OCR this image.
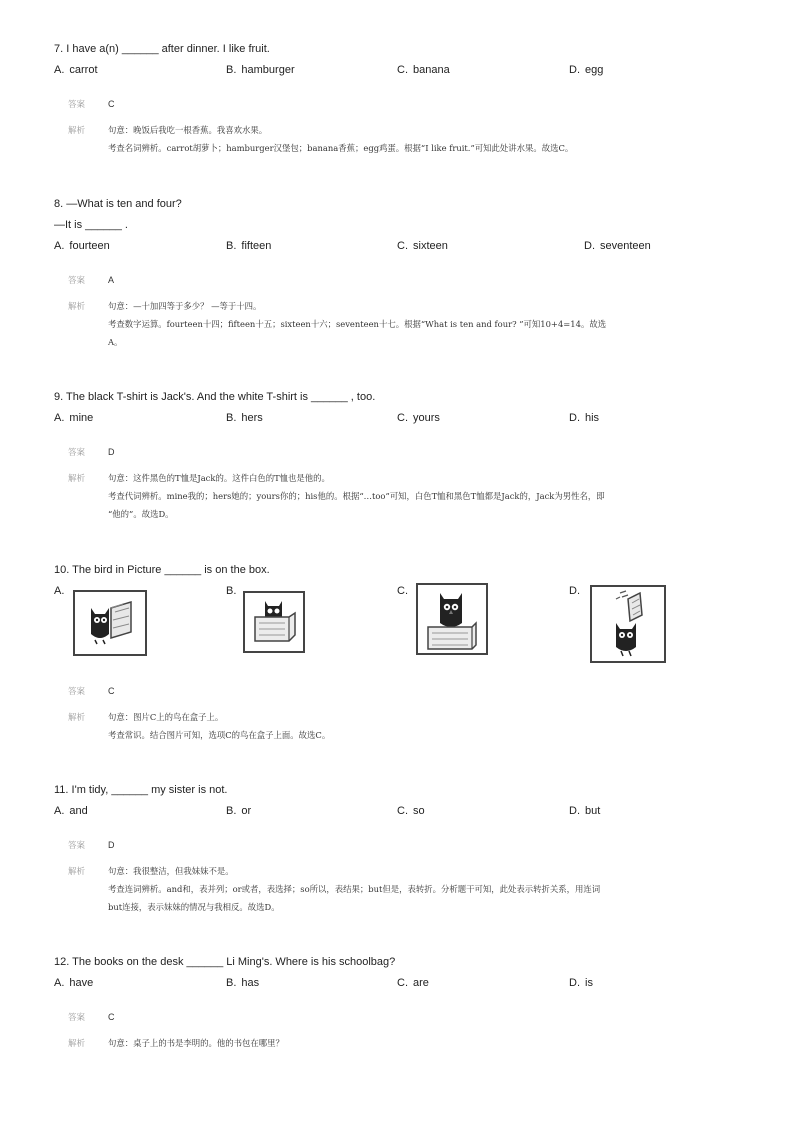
7. I have a(n) ______ after dinner. I like fruit.
A. carrot	B. hamburger	C. banana	D. egg
答案	C
解析	句意：晚饭后我吃一根香蕉。我喜欢水果。
考查名词辨析。carrot胡萝卜；hamburger汉堡包；banana香蕉；egg鸡蛋。根据“I like fruit.”可知此处讲水果。故选C。
8. —What is ten and four?
—It is ______ .
A. fourteen	B. fifteen	C. sixteen	D. seventeen
答案	A
解析	句意：—十加四等于多少？ —等于十四。
考查数字运算。fourteen十四；fifteen十五；sixteen十六；seventeen十七。根据“What is ten and four? ”可知10+4=14。故选
A。
9. The black T-shirt is Jack's. And the white T-shirt is ______ , too.
A. mine	B. hers	C. yours	D. his
答案	D
解析	句意：这件黑色的T恤是Jack的。这件白色的T恤也是他的。
考查代词辨析。mine我的；hers她的；yours你的；his他的。根据“…too”可知，白色T恤和黑色T恤都是Jack的，Jack为男性名，即
“他的”。故选D。
10. The bird in Picture ______ is on the box.
A.	B.	C.	D.
答案	C
解析	句意：图片C上的鸟在盒子上。
考查常识。结合图片可知，选项C的鸟在盒子上面。故选C。
11. I'm tidy, ______ my sister is not.
A. and	B. or	C. so	D. but
答案	D
解析	句意：我很整洁，但我妹妹不是。
考查连词辨析。and和，表并列；or或者，表选择；so所以，表结果；but但是，表转折。分析题干可知，此处表示转折关系，用连词
but连接，表示妹妹的情况与我相反。故选D。
12. The books on the desk ______ Li Ming's. Where is his schoolbag?
A. have	B. has	C. are	D. is
答案	C
解析	句意：桌子上的书是李明的。他的书包在哪里？
